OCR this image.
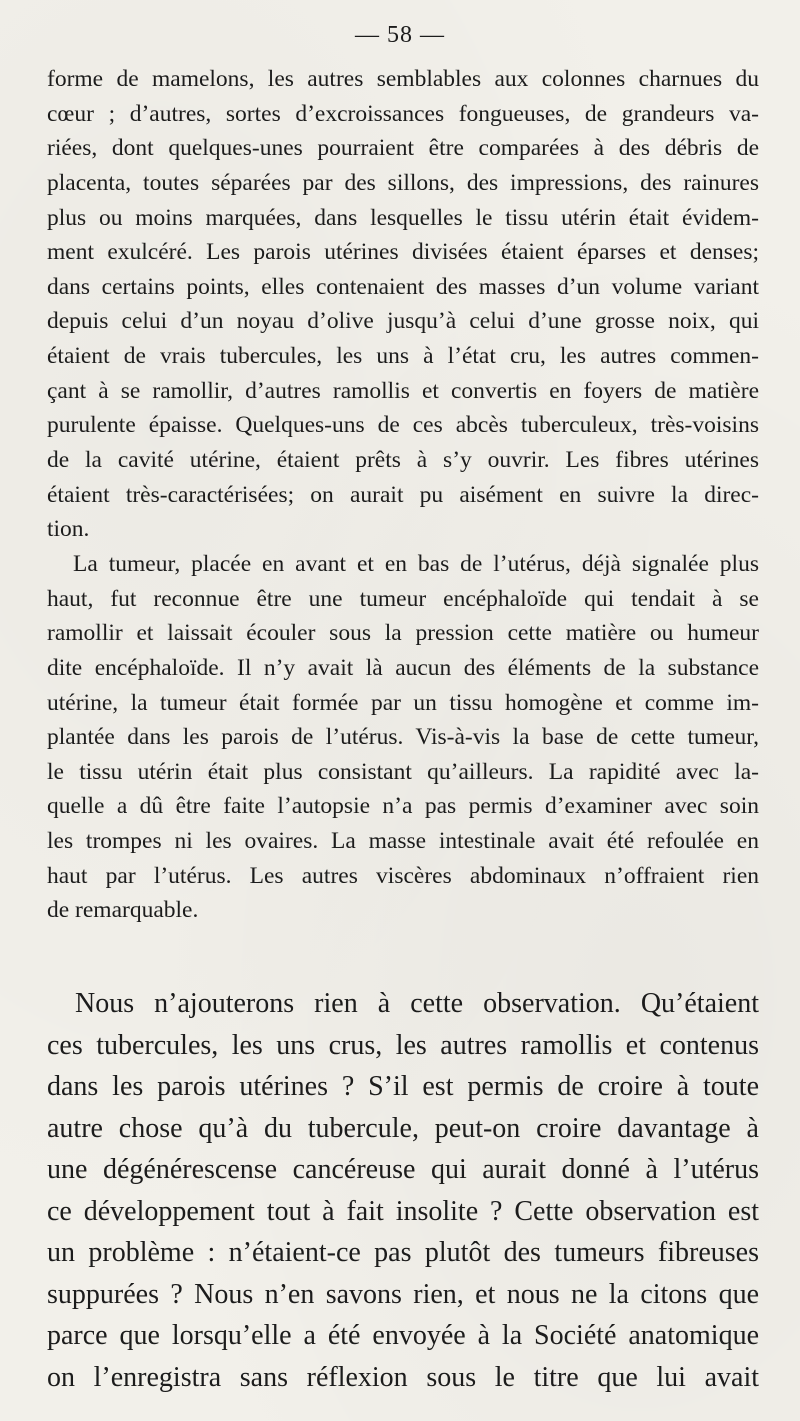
— 58 —
forme de mamelons, les autres semblables aux colonnes charnues du
cœur ; d’autres, sortes d’excroissances fongueuses, de grandeurs va-
riées, dont quelques-unes pourraient être comparées à des débris de
placenta, toutes séparées par des sillons, des impressions, des rainures
plus ou moins marquées, dans lesquelles le tissu utérin était évidem-
ment exulcéré. Les parois utérines divisées étaient éparses et denses;
dans certains points, elles contenaient des masses d’un volume variant
depuis celui d’un noyau d’olive jusqu’à celui d’une grosse noix, qui
étaient de vrais tubercules, les uns à l’état cru, les autres commen-
çant à se ramollir, d’autres ramollis et convertis en foyers de matière
purulente épaisse. Quelques-uns de ces abcès tuberculeux, très-voisins
de la cavité utérine, étaient prêts à s’y ouvrir. Les fibres utérines
étaient très-caractérisées; on aurait pu aisément en suivre la direc-
tion.
La tumeur, placée en avant et en bas de l’utérus, déjà signalée plus
haut, fut reconnue être une tumeur encéphaloïde qui tendait à se
ramollir et laissait écouler sous la pression cette matière ou humeur
dite encéphaloïde. Il n’y avait là aucun des éléments de la substance
utérine, la tumeur était formée par un tissu homogène et comme im-
plantée dans les parois de l’utérus. Vis-à-vis la base de cette tumeur,
le tissu utérin était plus consistant qu’ailleurs. La rapidité avec la-
quelle a dû être faite l’autopsie n’a pas permis d’examiner avec soin
les trompes ni les ovaires. La masse intestinale avait été refoulée en
haut par l’utérus. Les autres viscères abdominaux n’offraient rien
de remarquable.
Nous n’ajouterons rien à cette observation. Qu’étaient
ces tubercules, les uns crus, les autres ramollis et contenus
dans les parois utérines ? S’il est permis de croire à toute
autre chose qu’à du tubercule, peut-on croire davantage à
une dégénérescense cancéreuse qui aurait donné à l’utérus
ce développement tout à fait insolite ? Cette observation est
un problème : n’étaient-ce pas plutôt des tumeurs fibreuses
suppurées ? Nous n’en savons rien, et nous ne la citons que
parce que lorsqu’elle a été envoyée à la Société anatomique
on l’enregistra sans réflexion sous le titre que lui avait
